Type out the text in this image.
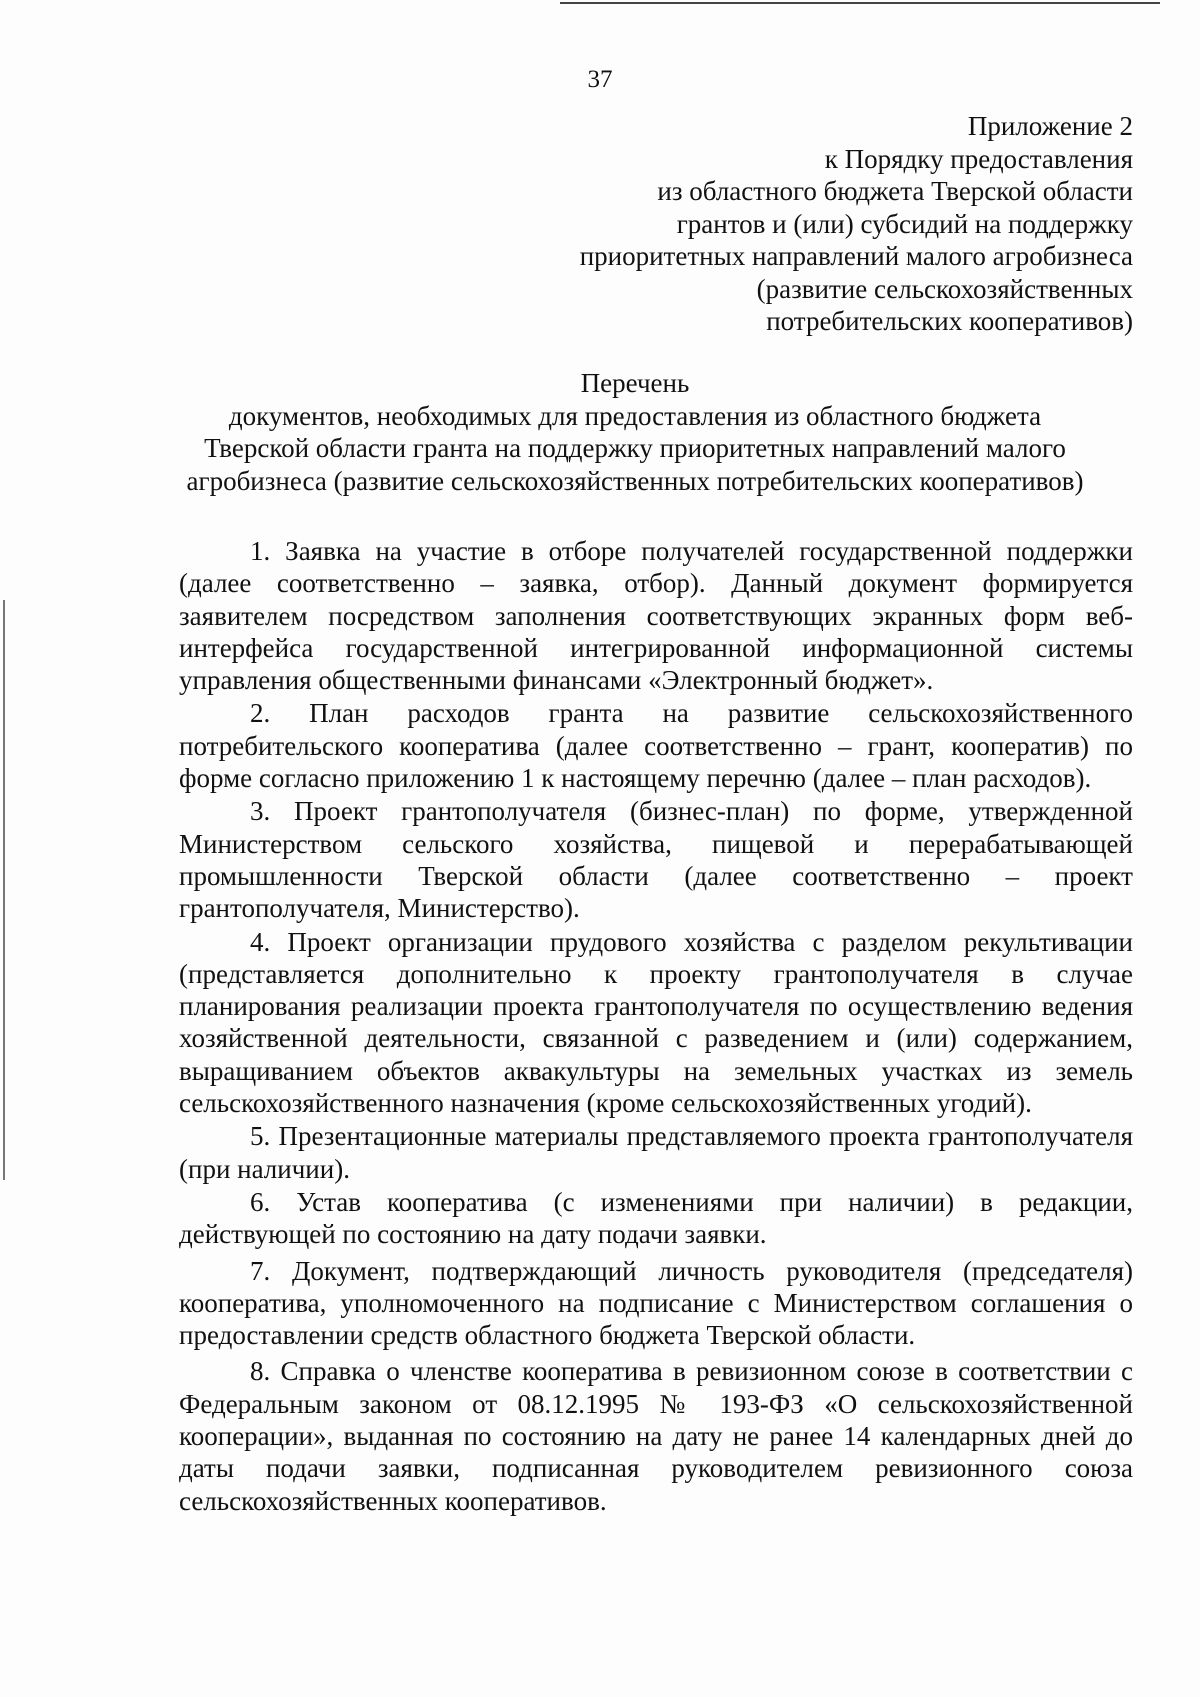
37
Приложение 2
к Порядку предоставления
из областного бюджета Тверской области
грантов и (или) субсидий на поддержку
приоритетных направлений малого агробизнеса
(развитие сельскохозяйственных
потребительских кооперативов)
Перечень
документов, необходимых для предоставления из областного бюджета
Тверской области гранта на поддержку приоритетных направлений малого
агробизнеса (развитие сельскохозяйственных потребительских кооперативов)

1. Заявка на участие в отборе получателей государственной поддержки (далее соответственно – заявка, отбор). Данный документ формируется заявителем посредством заполнения соответствующих экранных форм веб-интерфейса государственной интегрированной информационной системы управления общественными финансами «Электронный бюджет».

2. План расходов гранта на развитие сельскохозяйственного потребительского кооператива (далее соответственно – грант, кооператив) по форме согласно приложению 1 к настоящему перечню (далее – план расходов).

3. Проект грантополучателя (бизнес-план) по форме, утвержденной Министерством сельского хозяйства, пищевой и перерабатывающей промышленности Тверской области (далее соответственно – проект грантополучателя, Министерство).

4. Проект организации прудового хозяйства с разделом рекультивации (представляется дополнительно к проекту грантополучателя в случае планирования реализации проекта грантополучателя по осуществлению ведения хозяйственной деятельности, связанной с разведением и (или) содержанием, выращиванием объектов аквакультуры на земельных участках из земель сельскохозяйственного назначения (кроме сельскохозяйственных угодий).

5. Презентационные материалы представляемого проекта грантополучателя (при наличии).

6. Устав кооператива (с изменениями при наличии) в редакции, действующей по состоянию на дату подачи заявки.

7. Документ, подтверждающий личность руководителя (председателя) кооператива, уполномоченного на подписание с Министерством соглашения о предоставлении средств областного бюджета Тверской области.

8. Справка о членстве кооператива в ревизионном союзе в соответствии с Федеральным законом от 08.12.1995 № 193-ФЗ «О сельскохозяйственной кооперации», выданная по состоянию на дату не ранее 14 календарных дней до даты подачи заявки, подписанная руководителем ревизионного союза сельскохозяйственных кооперативов.
